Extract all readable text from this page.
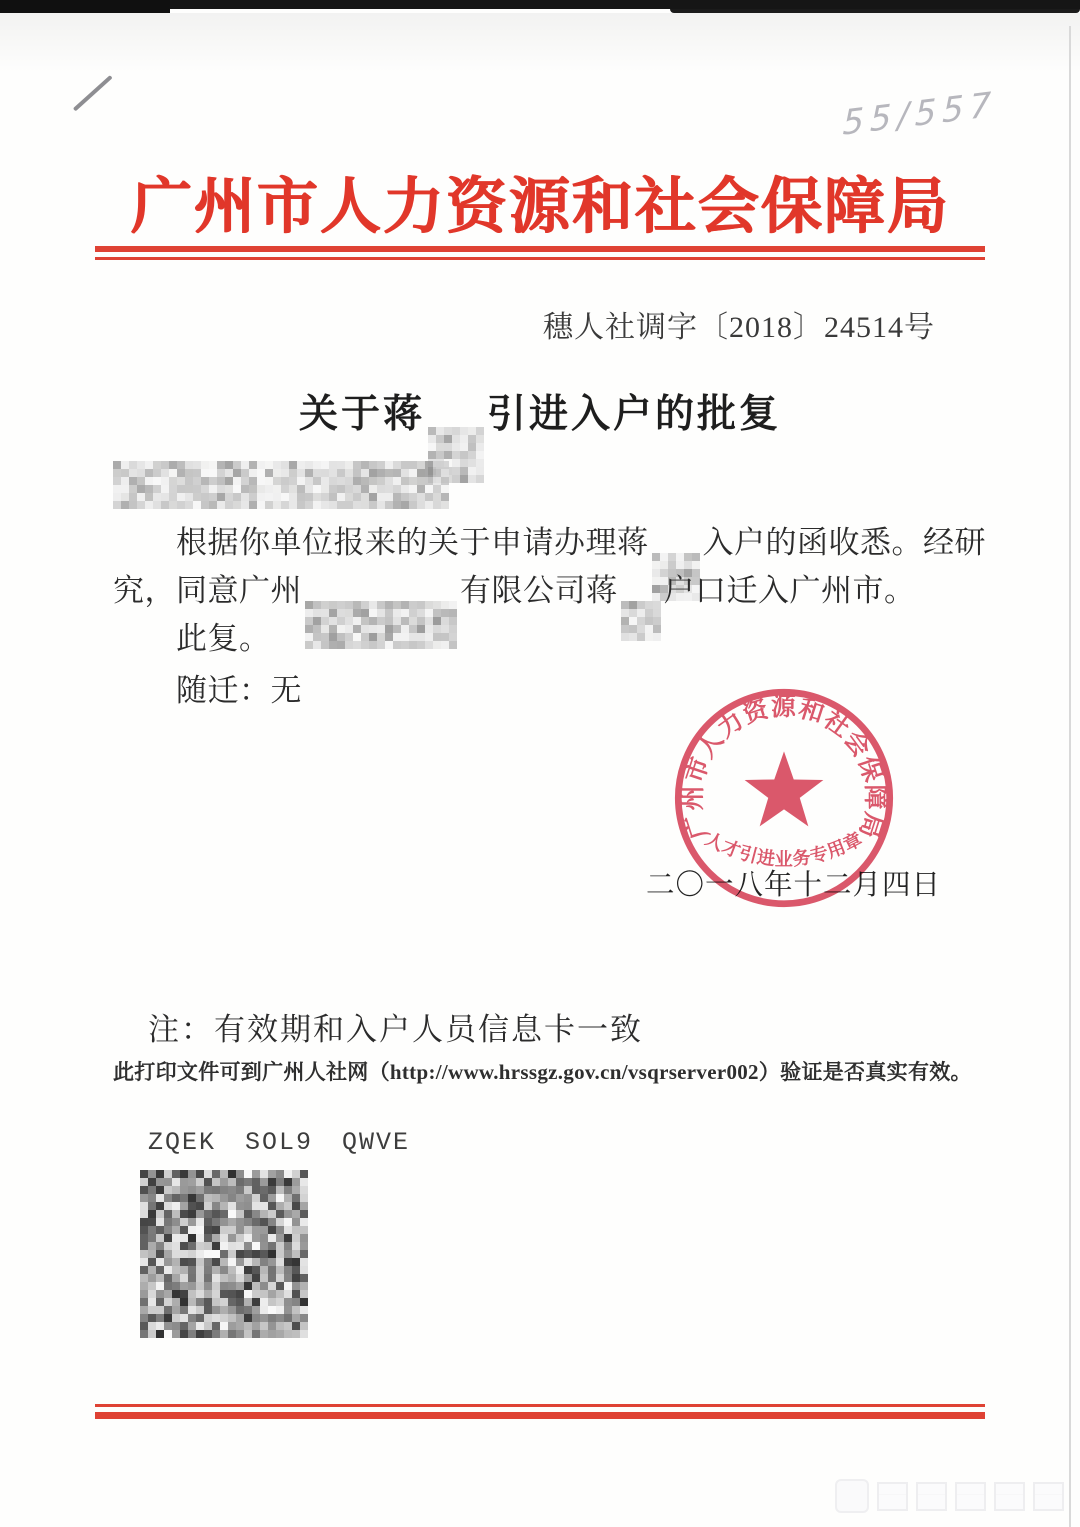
55/557
广州市人力资源和社会保障局
穗人社调字〔2018〕24514号
关于蒋 引进入户的批复
根据你单位报来的关于申请办理蒋 入户的函收悉。经研
究，同意广州	有限公司蒋 户口迁入广州市。
此复。
随迁：无
二〇一八年十二月四日
广州市人力资源和社会保障局
人才引进业务专用章
注：有效期和入户人员信息卡一致
此打印文件可到广州人社网（http://www.hrssgz.gov.cn/vsqrserver002）验证是否真实有效。
ZQEK SOL9 QWVE
